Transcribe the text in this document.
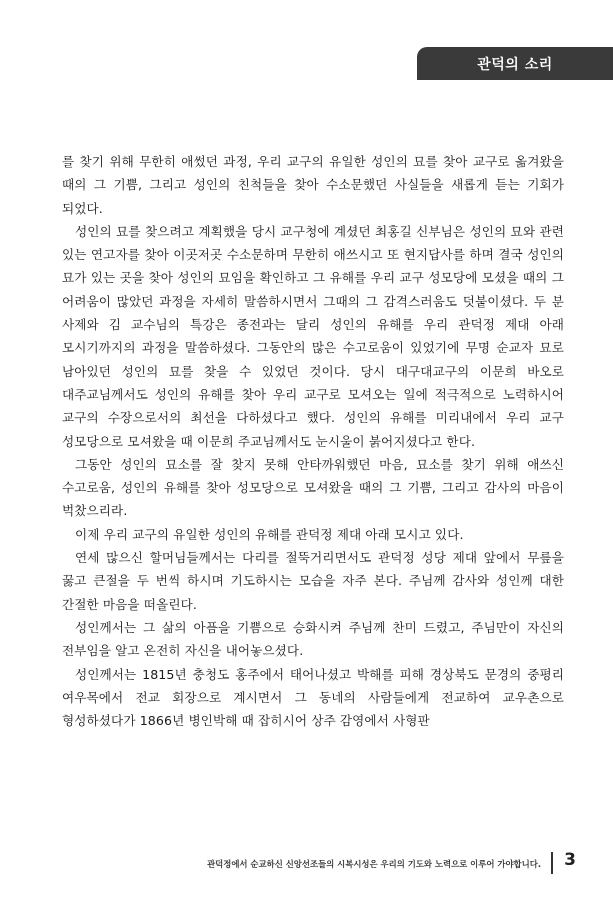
관덕의 소리

를 찾기 위해 무한히 애썼던 과정, 우리 교구의 유일한 성인의 묘를 찾아 교구로 옮겨왔을 때의 그 기쁨, 그리고 성인의 친척들을 찾아 수소문했던 사실들을 새롭게 듣는 기회가 되었다.

성인의 묘를 찾으려고 계획했을 당시 교구청에 계셨던 최홍길 신부님은 성인의 묘와 관련 있는 연고자를 찾아 이곳저곳 수소문하며 무한히 애쓰시고 또 현지답사를 하며 결국 성인의 묘가 있는 곳을 찾아 성인의 묘임을 확인하고 그 유해를 우리 교구 성모당에 모셨을 때의 그 어려움이 많았던 과정을 자세히 말씀하시면서 그때의 그 감격스러움도 덧붙이셨다. 두 분 사제와 김 교수님의 특강은 종전과는 달리 성인의 유해를 우리 관덕정 제대 아래 모시기까지의 과정을 말씀하셨다. 그동안의 많은 수고로움이 있었기에 무명 순교자 묘로 남아있던 성인의 묘를 찾을 수 있었던 것이다. 당시 대구대교구의 이문희 바오로 대주교님께서도 성인의 유해를 찾아 우리 교구로 모셔오는 일에 적극적으로 노력하시어 교구의 수장으로서의 최선을 다하셨다고 했다. 성인의 유해를 미리내에서 우리 교구 성모당으로 모셔왔을 때 이문희 주교님께서도 눈시울이 붉어지셨다고 한다.

그동안 성인의 묘소를 잘 찾지 못해 안타까워했던 마음, 묘소를 찾기 위해 애쓰신 수고로움, 성인의 유해를 찾아 성모당으로 모셔왔을 때의 그 기쁨, 그리고 감사의 마음이 벅찼으리라.

이제 우리 교구의 유일한 성인의 유해를 관덕정 제대 아래 모시고 있다.

연세 많으신 할머님들께서는 다리를 절뚝거리면서도 관덕정 성당 제대 앞에서 무릎을 꿇고 큰절을 두 번씩 하시며 기도하시는 모습을 자주 본다. 주님께 감사와 성인께 대한 간절한 마음을 떠올린다.

성인께서는 그 삶의 아픔을 기쁨으로 승화시켜 주님께 찬미 드렸고, 주님만이 자신의 전부임을 알고 온전히 자신을 내어놓으셨다.

성인께서는 1815년 충청도 홍주에서 태어나셨고 박해를 피해 경상북도 문경의 중평리 여우목에서 전교 회장으로 계시면서 그 동네의 사람들에게 전교하여 교우촌으로 형성하셨다가 1866년 병인박해 때 잡히시어 상주 감영에서 사형판

관덕정에서 순교하신 신앙선조들의 시복시성은 우리의 기도와 노력으로 이루어 가야합니다. 3
